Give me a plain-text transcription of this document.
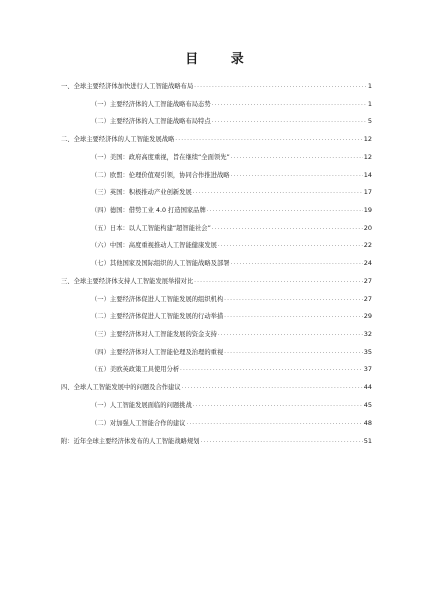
目 录
一、全球主要经济体加快进行人工智能战略布局 .....	1
（一）主要经济体的人工智能战略布局态势 .....	1
（二）主要经济体的人工智能战略布局特点 .....	5
二、全球主要经济体的人工智能发展战略 .....	12
（一）美国：政府高度重视，旨在继续“全面领先” .....	12
（二）欧盟：伦理价值观引领，协同合作推进战略 .....	14
（三）英国：积极推动产业创新发展 .....	17
（四）德国：借势工业 4.0 打造国家品牌 .....	19
（五）日本：以人工智能构建“超智能社会” .....	20
（六）中国：高度重视推动人工智能健康发展 .....	22
（七）其他国家及国际组织的人工智能战略及部署 .....	24
三、全球主要经济体支持人工智能发展举措对比 .....	27
（一）主要经济体促进人工智能发展的组织机构 .....	27
（二）主要经济体促进人工智能发展的行动举措 .....	29
（三）主要经济体对人工智能发展的资金支持 .....	32
（四）主要经济体对人工智能伦理及治理的重视 .....	35
（五）美欧英政策工具使用分析 .....	37
四、全球人工智能发展中的问题及合作建议 .....	44
（一）人工智能发展面临的问题挑战 .....	45
（二）对加强人工智能合作的建议 .....	48
附：近年全球主要经济体发布的人工智能战略规划 .....	51
